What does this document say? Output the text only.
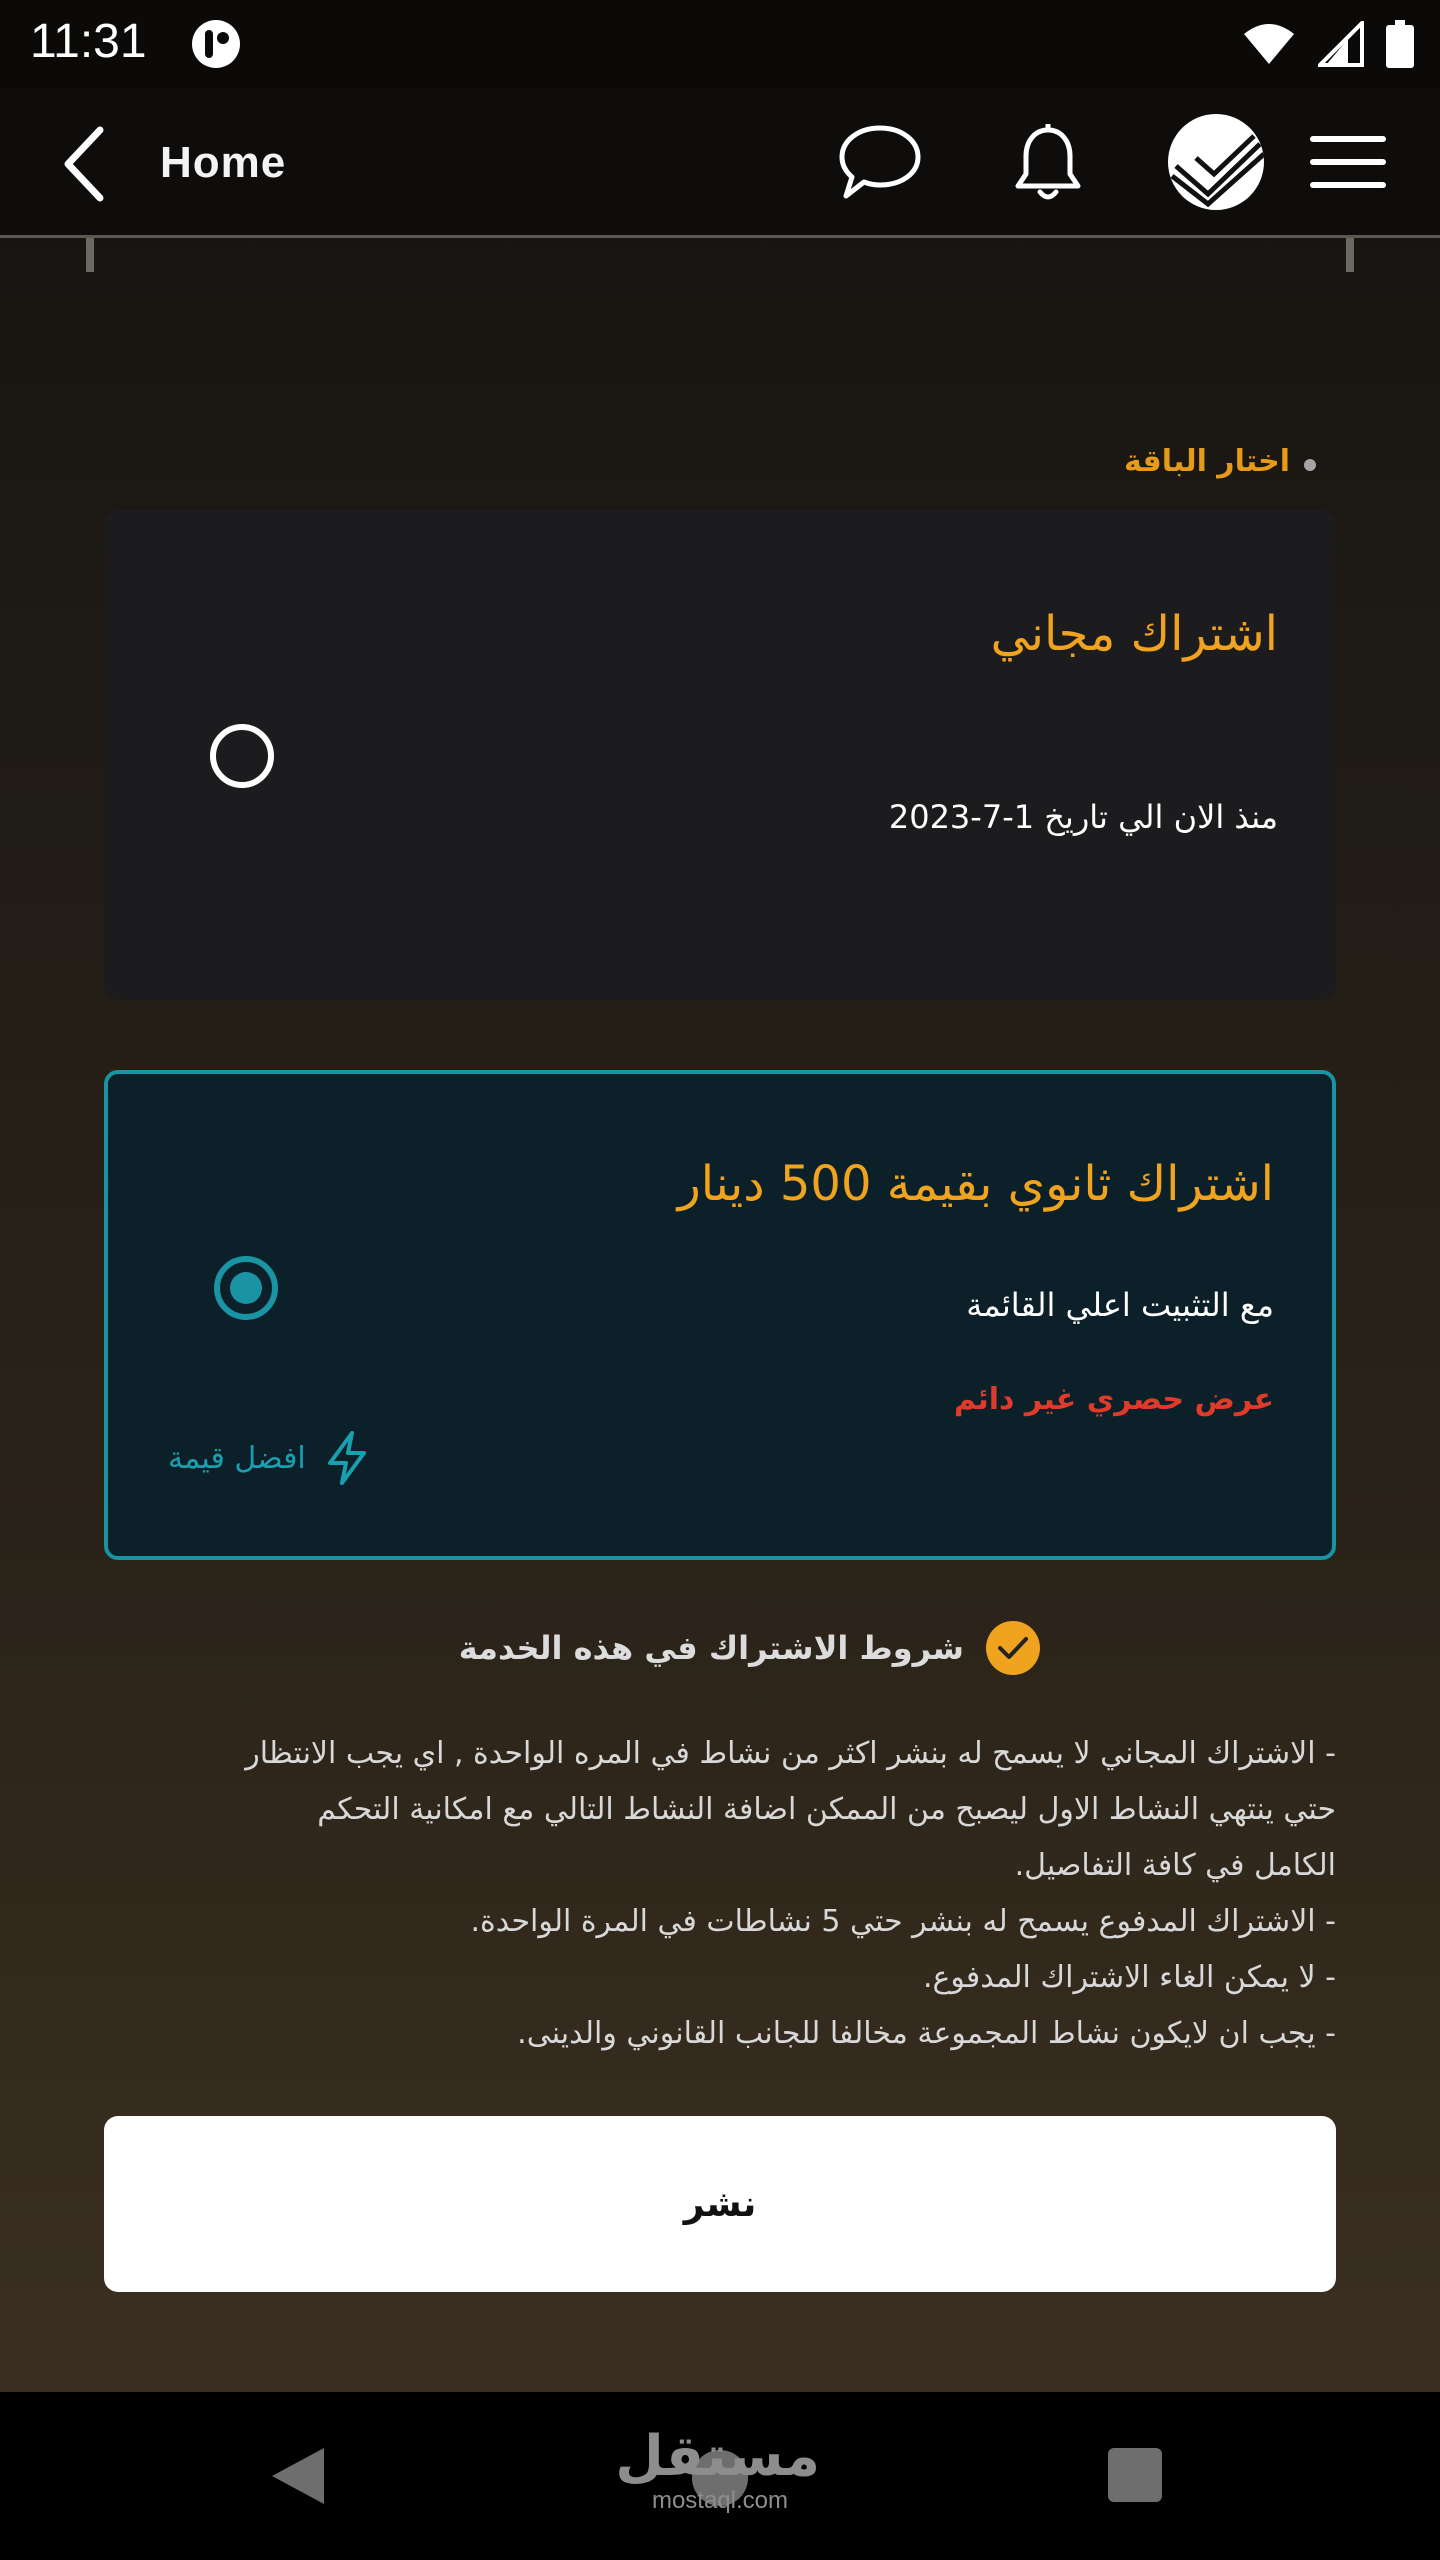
11:31
Home
اختار الباقة
اشتراك مجاني
منذ الان الي تاريخ 1-7-2023
اشتراك ثانوي بقيمة 500 دينار
مع التثبيت اعلي القائمة
عرض حصري غير دائم
افضل قيمة
شروط الاشتراك في هذه الخدمة
- الاشتراك المجاني لا يسمح له بنشر اكثر من نشاط في المره الواحدة , اي يجب الانتظار
حتي ينتهي النشاط الاول ليصبح من الممكن اضافة النشاط التالي مع امكانية التحكم
الكامل في كافة التفاصيل.
- الاشتراك المدفوع يسمح له بنشر حتي 5 نشاطات في المرة الواحدة.
- لا يمكن الغاء الاشتراك المدفوع.
- يجب ان لايكون نشاط المجموعة مخالفا للجانب القانوني والدينى.
نشر
مستقل
mostaql.com
